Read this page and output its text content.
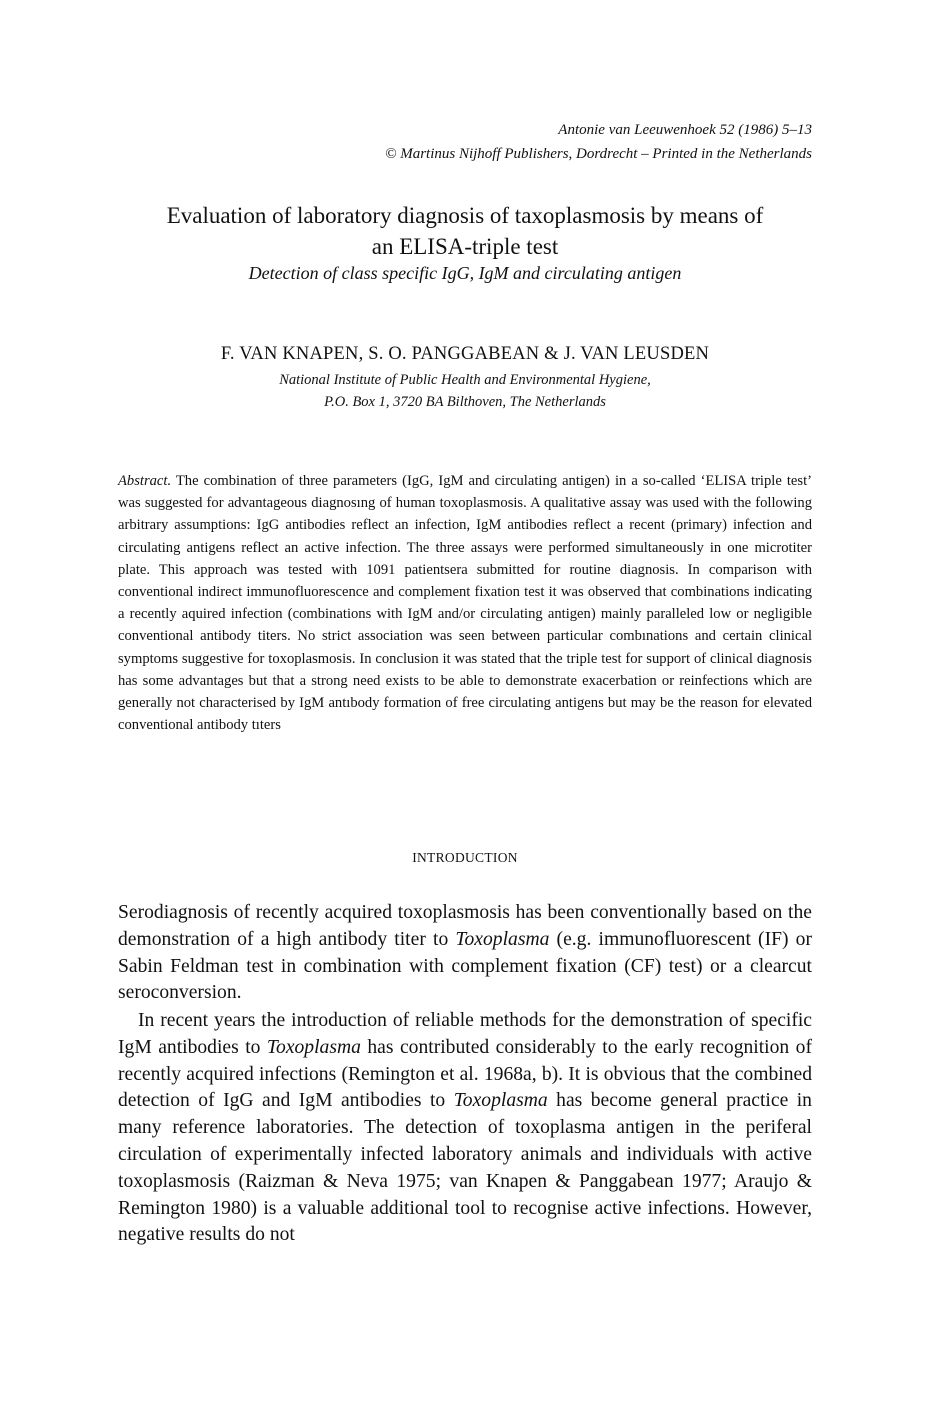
Antonie van Leeuwenhoek 52 (1986) 5–13
© Martinus Nijhoff Publishers, Dordrecht – Printed in the Netherlands
Evaluation of laboratory diagnosis of taxoplasmosis by means of
an ELISA-triple test
Detection of class specific IgG, IgM and circulating antigen
F. VAN KNAPEN, S. O. PANGGABEAN & J. VAN LEUSDEN
National Institute of Public Health and Environmental Hygiene,
P.O. Box 1, 3720 BA Bilthoven, The Netherlands
Abstract. The combination of three parameters (IgG, IgM and circulating antigen) in a so-called ‘ELISA triple test’ was suggested for advantageous diagnosıng of human toxoplasmosis. A qualitative assay was used with the following arbitrary assumptions: IgG antibodies reflect an infection, IgM antibodies reflect a recent (primary) infection and circulating antigens reflect an active infection. The three assays were performed simultaneously in one microtiter plate. This approach was tested with 1091 patientsera submitted for routine diagnosis. In comparison with conventional indirect immunofluorescence and complement fixation test it was observed that combinations indicating a recently aquired infection (combinations with IgM and/or circulating antigen) mainly paralleled low or negligible conventional antibody titers. No strict association was seen between particular combınations and certain clinical symptoms suggestive for toxoplasmosis. In conclusion it was stated that the triple test for support of clinical diagnosis has some advantages but that a strong need exists to be able to demonstrate exacerbation or reinfections which are generally not characterised by IgM antıbody formation of free circulating antigens but may be the reason for elevated conventional antibody tıters
INTRODUCTION
Serodiagnosis of recently acquired toxoplasmosis has been conventionally based on the demonstration of a high antibody titer to Toxoplasma (e.g. immunofluorescent (IF) or Sabin Feldman test in combination with complement fixation (CF) test) or a clearcut seroconversion.
In recent years the introduction of reliable methods for the demonstration of specific IgM antibodies to Toxoplasma has contributed considerably to the early recognition of recently acquired infections (Remington et al. 1968a, b). It is obvious that the combined detection of IgG and IgM antibodies to Toxoplasma has become general practice in many reference laboratories. The detection of toxoplasma antigen in the periferal circulation of experimentally infected laboratory animals and individuals with active toxoplasmosis (Raizman & Neva 1975; van Knapen & Panggabean 1977; Araujo & Remington 1980) is a valuable additional tool to recognise active infections. However, negative results do not
